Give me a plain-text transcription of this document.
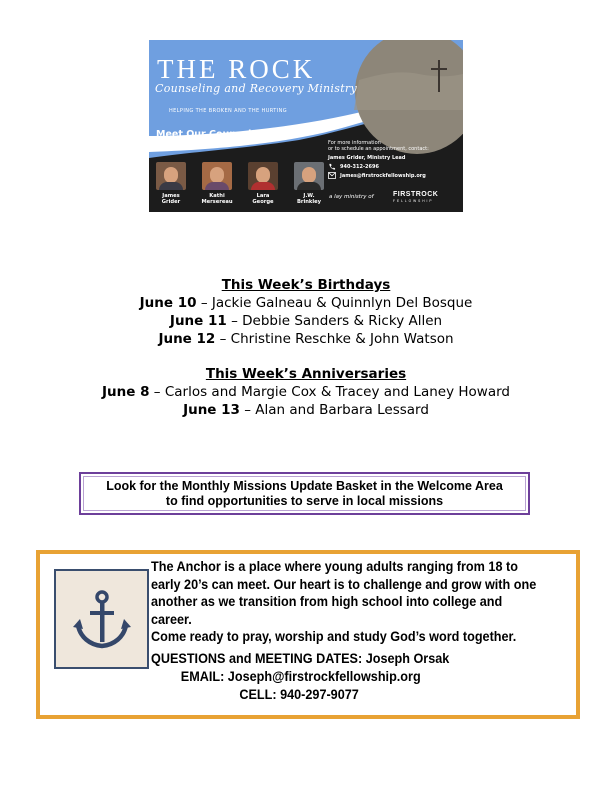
THE ROCK
Counseling and Recovery Ministry
HELPING THE BROKEN AND THE HURTING
Meet Our Counselors
For more information
or to schedule an appointment, contact:
James Grider, Ministry Lead
940-312-2696
James@firstrockfellowship.org
James
Grider
Kathi
Mersereau
Lara
George
J.W.
Brinkley
a lay ministry of	FIRSTROCK
FELLOWSHIP
This Week’s Birthdays
June 10 – Jackie Galneau & Quinnlyn Del Bosque
June 11 – Debbie Sanders & Ricky Allen
June 12 – Christine Reschke & John Watson
This Week’s Anniversaries
June 8 – Carlos and Margie Cox & Tracey and Laney Howard
June 13 – Alan and Barbara Lessard
Look for the Monthly Missions Update Basket in the Welcome Area
to find opportunities to serve in local missions

The Anchor is a place where young adults ranging from 18 to

early 20’s can meet. Our heart is to challenge and grow with one

another as we transition from high school into college and career.

Come ready to pray, worship and study God’s word together.

QUESTIONS and MEETING DATES: Joseph Orsak
EMAIL: Joseph@firstrockfellowship.org
CELL: 940-297-9077
